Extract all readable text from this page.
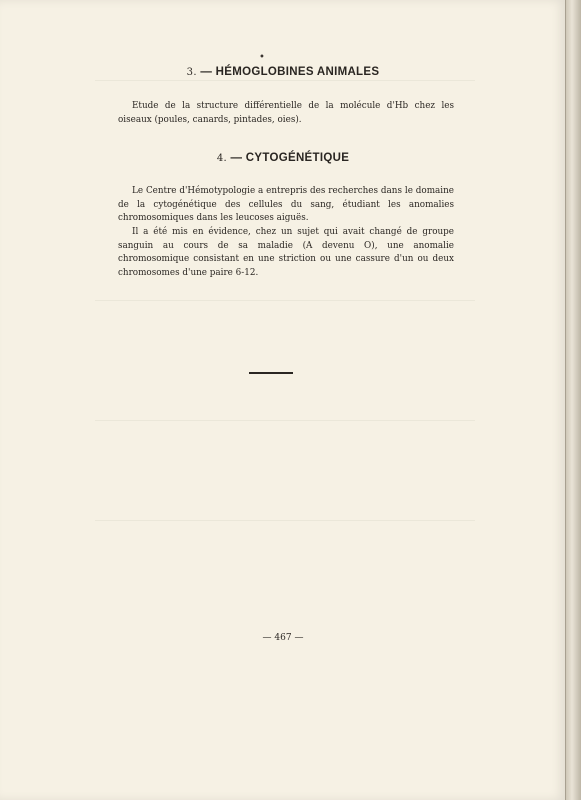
•
3. — HÉMOGLOBINES ANIMALES
Etude de la structure différentielle de la molécule d'Hb chez les oiseaux (poules, canards, pintades, oies).
4. — CYTOGÉNÉTIQUE
Le Centre d'Hémotypologie a entrepris des recherches dans le domaine de la cytogénétique des cellules du sang, étudiant les anomalies chromosomiques dans les leucoses aiguës.
Il a été mis en évidence, chez un sujet qui avait changé de groupe sanguin au cours de sa maladie (A devenu O), une anomalie chromosomique consistant en une striction ou une cassure d'un ou deux chromosomes d'une paire 6-12.
— 467 —
